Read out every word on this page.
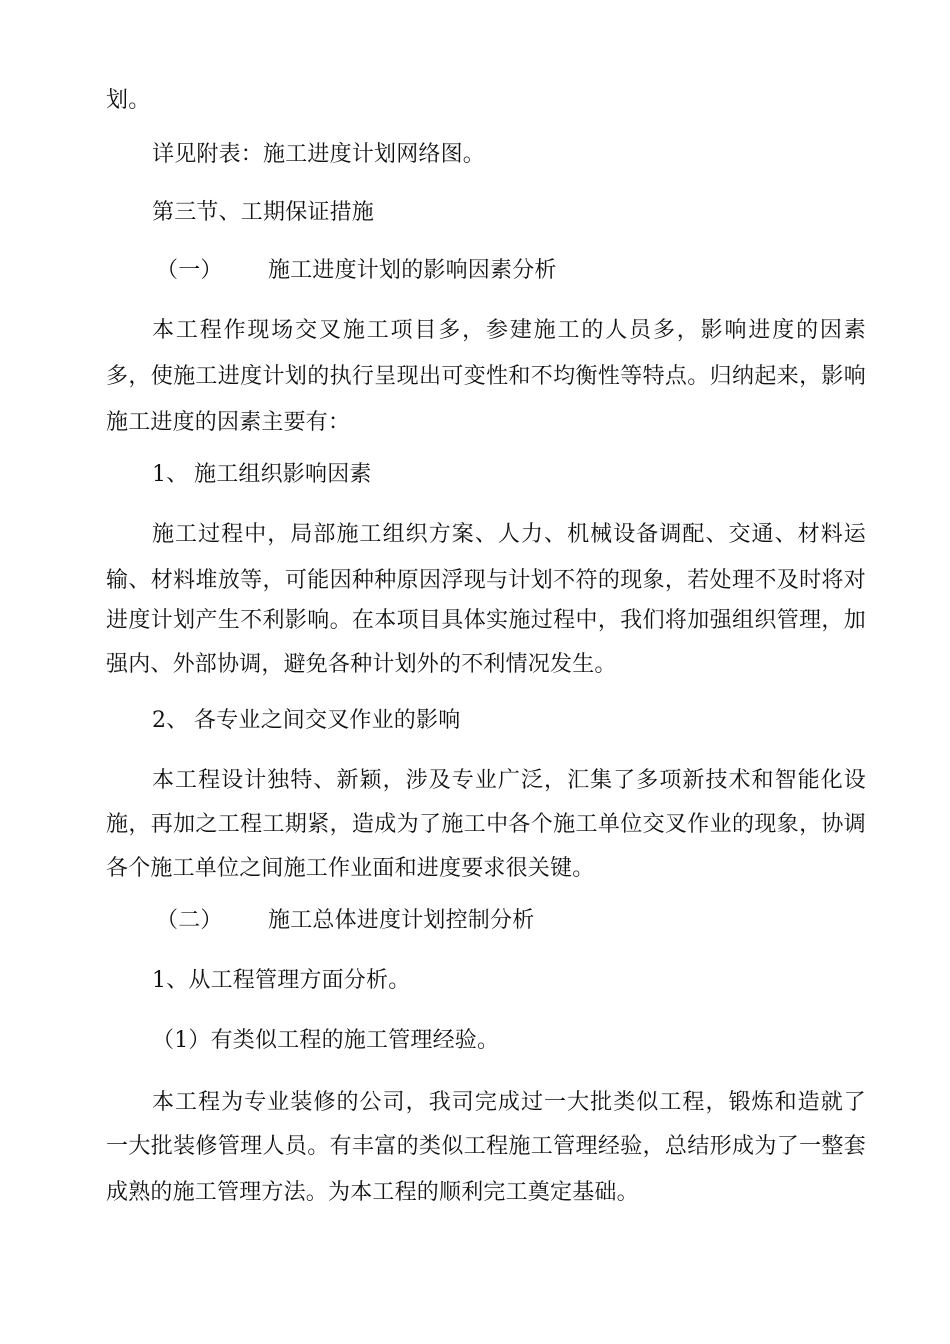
划。
详见附表：施工进度计划网络图。
第三节、工期保证措施
（一） 施工进度计划的影响因素分析
本工程作现场交叉施工项目多，参建施工的人员多，影响进度的因素
多，使施工进度计划的执行呈现出可变性和不均衡性等特点。归纳起来，影响
施工进度的因素主要有：
1、 施工组织影响因素
施工过程中，局部施工组织方案、人力、机械设备调配、交通、材料运
输、材料堆放等，可能因种种原因浮现与计划不符的现象，若处理不及时将对
进度计划产生不利影响。在本项目具体实施过程中，我们将加强组织管理，加
强内、外部协调，避免各种计划外的不利情况发生。
2、 各专业之间交叉作业的影响
本工程设计独特、新颖，涉及专业广泛，汇集了多项新技术和智能化设
施，再加之工程工期紧，造成为了施工中各个施工单位交叉作业的现象，协调
各个施工单位之间施工作业面和进度要求很关键。
（二） 施工总体进度计划控制分析
1、从工程管理方面分析。
（1）有类似工程的施工管理经验。
本工程为专业装修的公司，我司完成过一大批类似工程，锻炼和造就了
一大批装修管理人员。有丰富的类似工程施工管理经验，总结形成为了一整套
成熟的施工管理方法。为本工程的顺利完工奠定基础。
